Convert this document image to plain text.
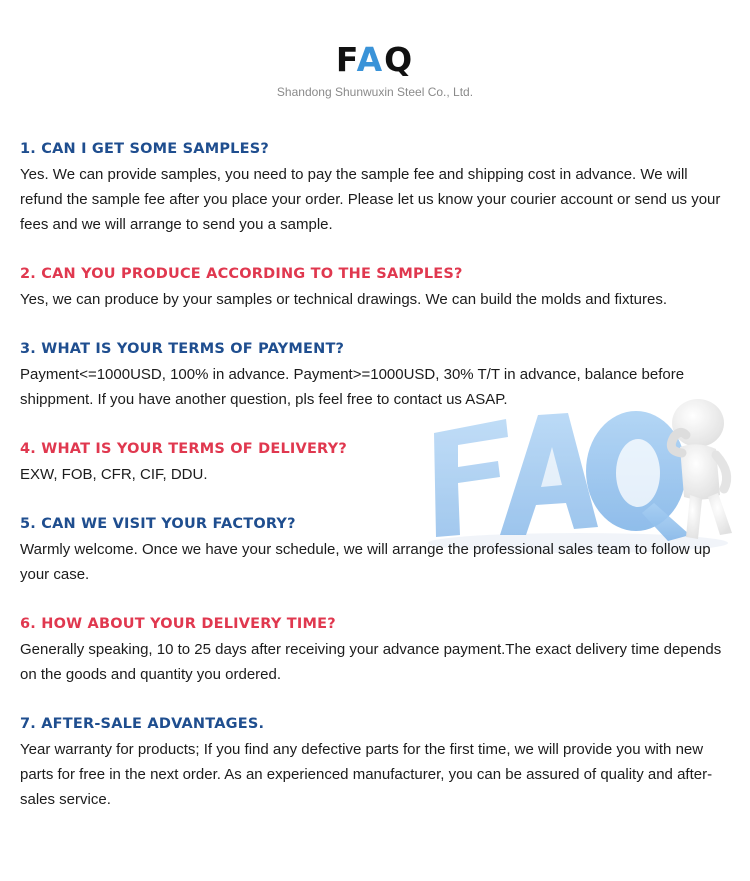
FAQ
Shandong Shunwuxin Steel Co., Ltd.
1. CAN I GET SOME SAMPLES?
Yes. We can provide samples, you need to pay the sample fee and shipping cost in advance. We will refund the sample fee after you place your order. Please let us know your courier account or send us your fees and we will arrange to send you a sample.
2. CAN YOU PRODUCE ACCORDING TO THE SAMPLES?
Yes, we can produce by your samples or technical drawings. We can build the molds and fixtures.
3. WHAT IS YOUR TERMS OF PAYMENT?
Payment<=1000USD, 100% in advance. Payment>=1000USD, 30% T/T in advance, balance before shippment. If you have another question, pls feel free to contact us ASAP.
4. WHAT IS YOUR TERMS OF DELIVERY?
EXW, FOB, CFR, CIF, DDU.
5. CAN WE VISIT YOUR FACTORY?
Warmly welcome. Once we have your schedule, we will arrange the professional sales team to follow up your case.
6. HOW ABOUT YOUR DELIVERY TIME?
Generally speaking, 10 to 25 days after receiving your advance payment.The exact delivery time depends on the goods and quantity you ordered.
7. AFTER-SALE ADVANTAGES.
Year warranty for products; If you find any defective parts for the first time, we will provide you with new parts for free in the next order. As an experienced manufacturer, you can be assured of quality and after-sales service.
